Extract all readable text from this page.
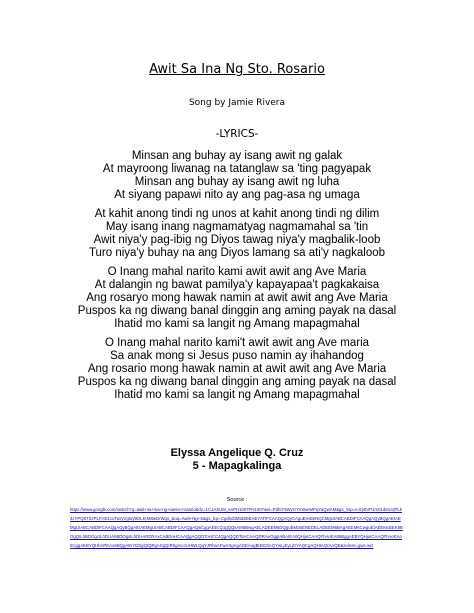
Awit Sa Ina Ng Sto. Rosario
Song by Jamie Rivera
-LYRICS-
Minsan ang buhay ay isang awit ng galak
At mayroong liwanag na tatanglaw sa 'ting pagyapak
Minsan ang buhay ay isang awit ng luha
At siyang papawi nito ay ang pag-asa ng umaga
At kahit anong tindi ng unos at kahit anong tindi ng dilim
May isang inang nagmamatyag nagmamahal sa 'tin
Awit niya'y pag-ibig ng Diyos tawag niya'y magbalik-loob
Turo niya'y buhay na ang Diyos lamang sa ati'y nagkaloob
O Inang mahal narito kami awit awit ang Ave Maria
At dalangin ng bawat pamilya'y kapayapaa't pagkakaisa
Ang rosaryo mong hawak namin at awit awit ang Ave Maria
Puspos ka ng diwang banal dinggin ang aming payak na dasal
Ihatid mo kami sa langit ng Amang mapagmahal
O Inang mahal narito kami't awit awit ang Ave maria
Sa anak mong si Jesus puso namin ay ihahandog
Ang rosario mong hawak namin at awit awit ang Ave Maria
Puspos ka ng diwang banal dinggin ang aming payak na dasal
Ihatid mo kami sa langit ng Amang mapagmahal
Elyssa Angelique Q. Cruz
5 - Mapagkalinga
Source :
https://www.google.com/search?q=awit+sa+ina+ng+santo+rosario&rlz=1C1ASUM_enPH1007PH1007&ei=PdhiY9WyGYm0seMPqYaQwAM&gs_ssp=eJzj4tVP1m01ib0LVjPLk4zYPQ5TSzPLFHS1coTwryVgtoy9OLKrM8wDrWqs_&oq=Awit+Ng+S&gs_lcp=Cgdnd3Mtd2l6EAEYATIFCAAQgAQyCAguEIAEENQCMgUIABCABDIFCAAQgAQyBQgAEIAEMgUIABCABDIFCAAQgAQyBQgAEIAEMgUIABCABDIFCAAQgAQ6CggAEEcQ1gQQsAM6BwgAELADEEM6DQguEMcBENEDELADEEM6BAgAEEM6CwguEIAEEMcBEK8BOgQILhBDOgcILhDUAhBDOgsILhDHARDRAxCABDoHCAAQgAQQDToHCC4QgAQQDToHCAAQDRAeOggIABAIEA0QHjoICAAQFhAeEA86BggAEBYQHjoICAAQFhAeEAo6CggAEBYQHhAPEAo6BQgAEIYDSgQIQRgASgQIRhgAUJUHWLQqYJRhaAFwAXgAgAGEAogBrBGSAQYwLjEyLjGYAQCgAQHIAQrAAQE&sclient=gws-wiz
